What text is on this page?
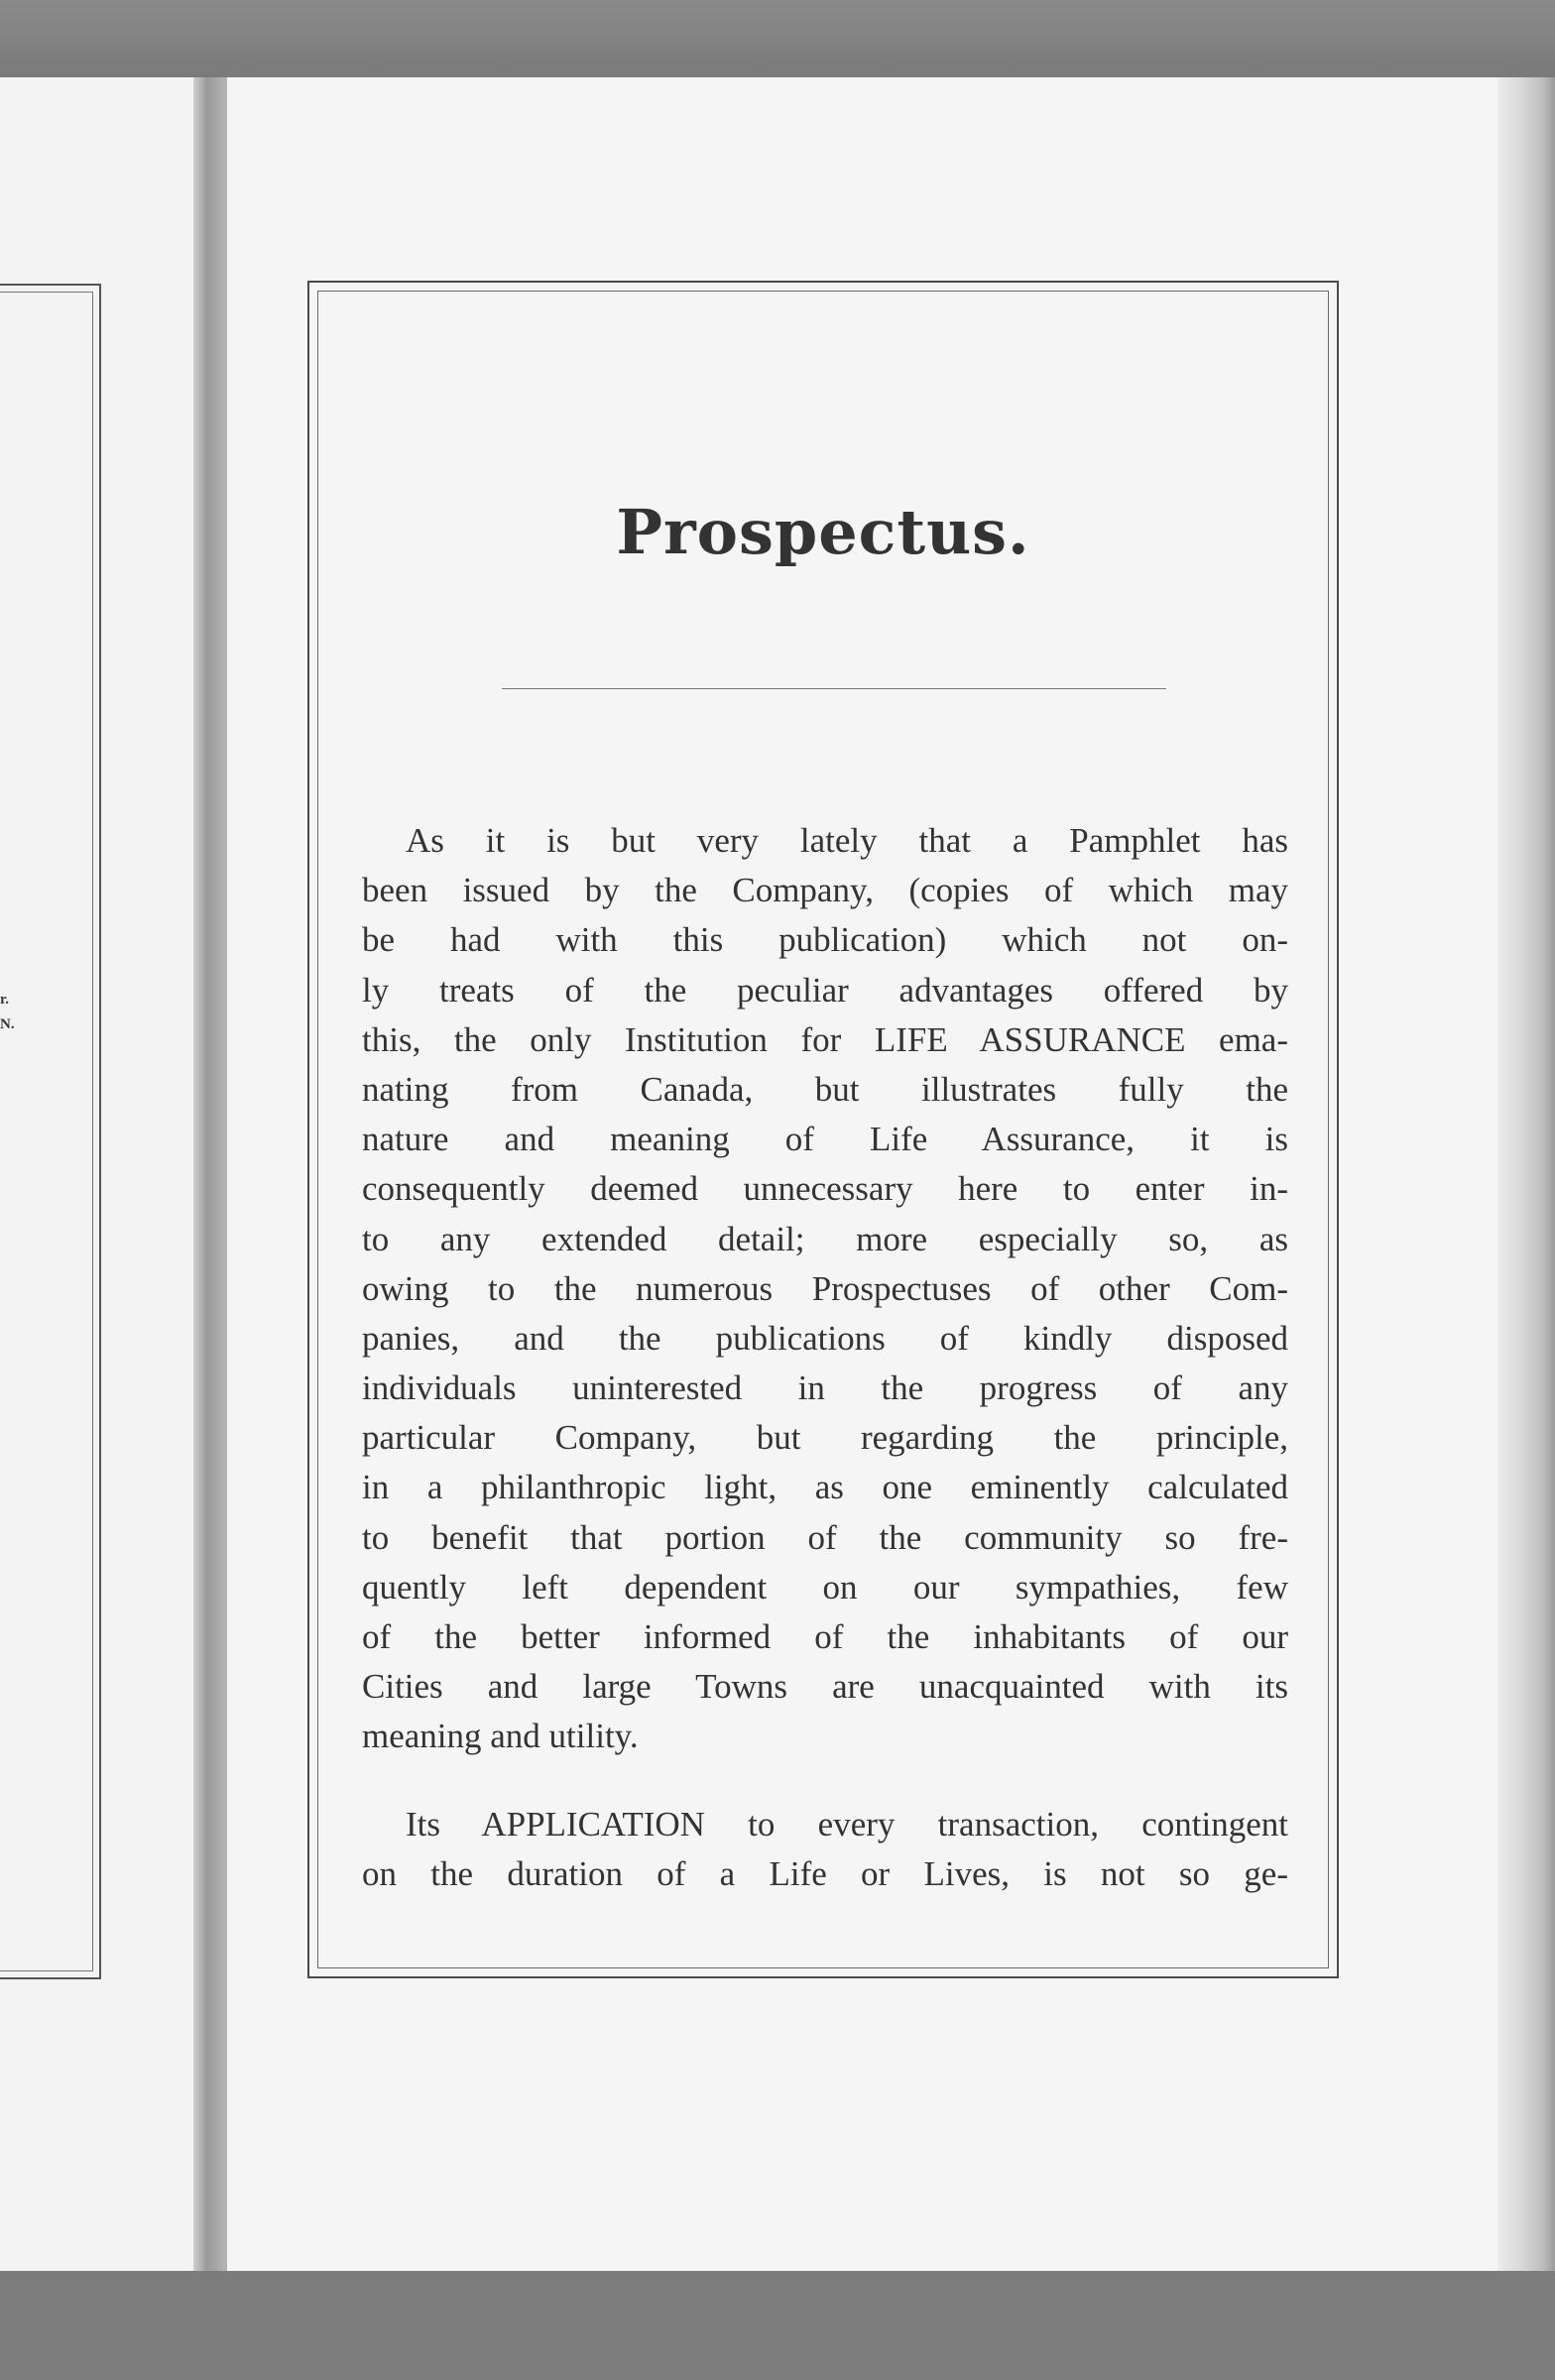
r.
N.
Prospectus.
As it is but very lately that a Pamphlet has
been issued by the Company, (copies of which may
be had with this publication) which not on-
ly treats of the peculiar advantages offered by
this, the only Institution for LIFE ASSURANCE ema-
nating from Canada, but illustrates fully the
nature and meaning of Life Assurance, it is
consequently deemed unnecessary here to enter in-
to any extended detail; more especially so, as
owing to the numerous Prospectuses of other Com-
panies, and the publications of kindly disposed
individuals uninterested in the progress of any
particular Company, but regarding the principle,
in a philanthropic light, as one eminently calculated
to benefit that portion of the community so fre-
quently left dependent on our sympathies, few
of the better informed of the inhabitants of our
Cities and large Towns are unacquainted with its
meaning and utility.
Its APPLICATION to every transaction, contingent
on the duration of a Life or Lives, is not so ge-
